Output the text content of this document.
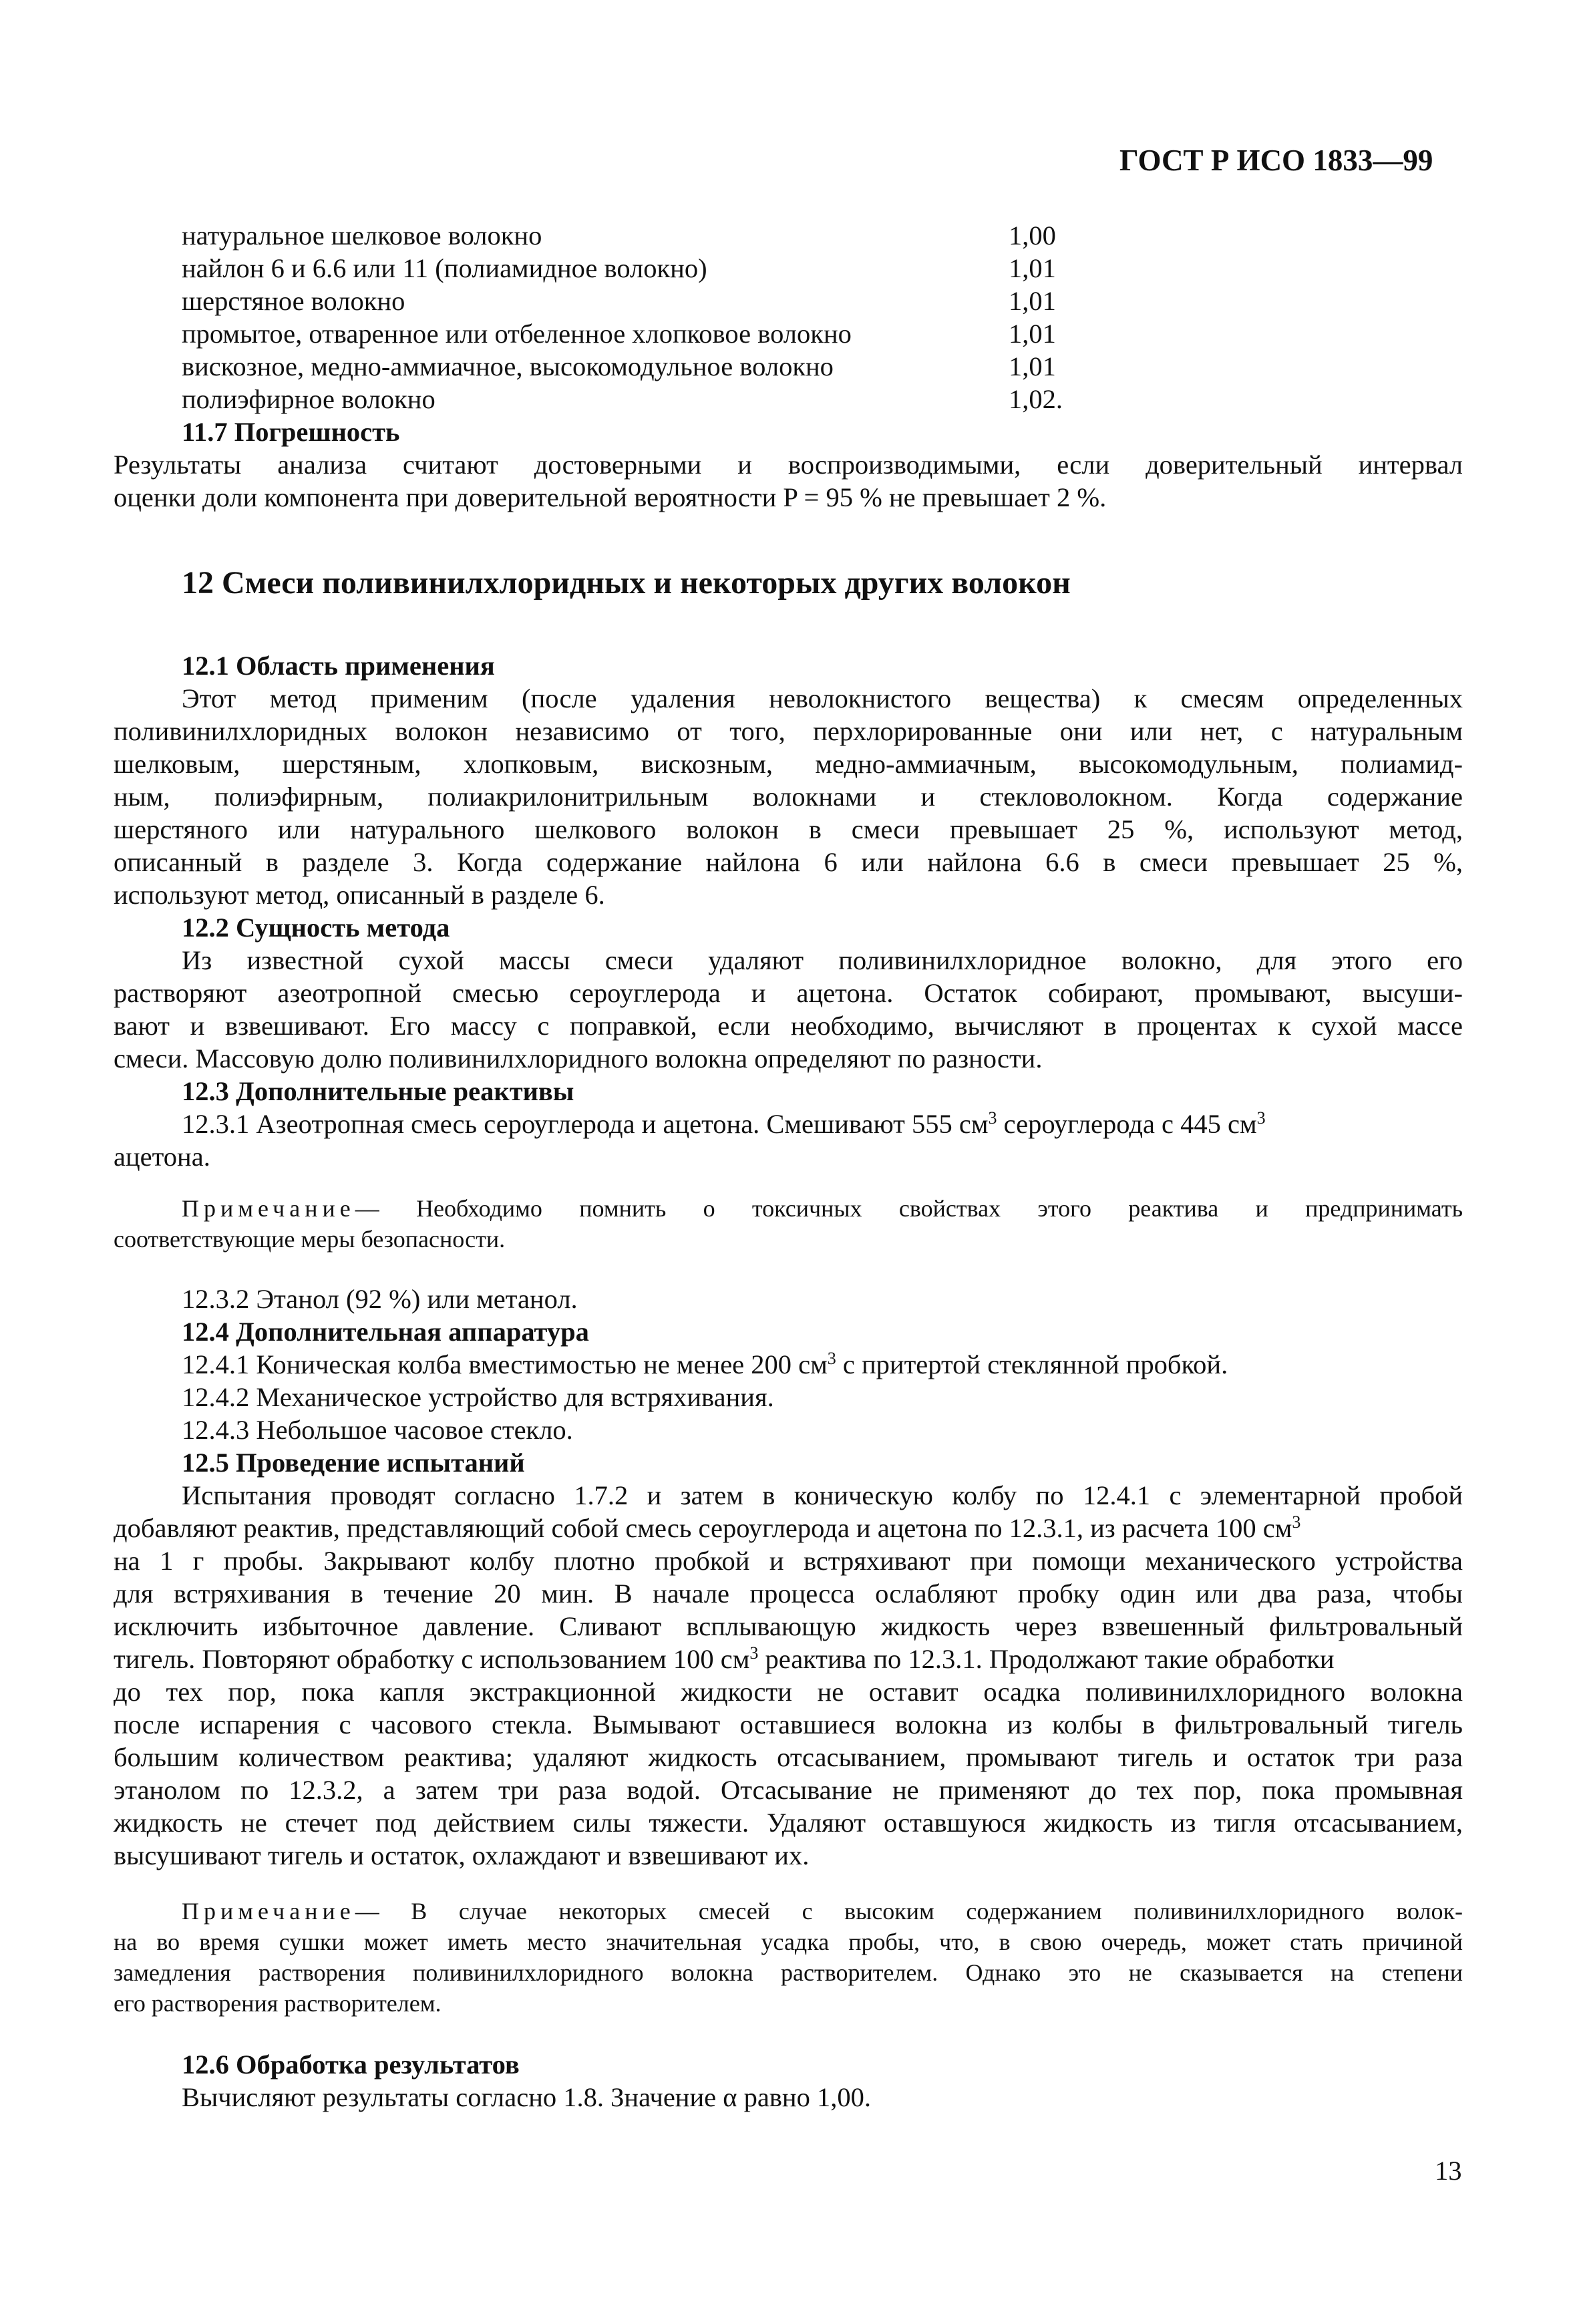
ГОСТ Р ИСО 1833—99
натуральное шелковое волокно	1,00
найлон 6 и 6.6 или 11 (полиамидное волокно)	1,01
шерстяное волокно	1,01
промытое, отваренное или отбеленное хлопковое волокно	1,01
вискозное, медно-аммиачное, высокомодульное волокно	1,01
полиэфирное волокно	1,02.
11.7 Погрешность
Результаты анализа считают достоверными и воспроизводимыми, если доверительный интервал
оценки доли компонента при доверительной вероятности P = 95 % не превышает 2 %.
12 Смеси поливинилхлоридных и некоторых других волокон
12.1 Область применения
Этот метод применим (после удаления неволокнистого вещества) к смесям определенных
поливинилхлоридных волокон независимо от того, перхлорированные они или нет, с натуральным
шелковым, шерстяным, хлопковым, вискозным, медно-аммиачным, высокомодульным, полиамид-
ным, полиэфирным, полиакрилонитрильным волокнами и стекловолокном. Когда содержание
шерстяного или натурального шелкового волокон в смеси превышает 25 %, используют метод,
описанный в разделе 3. Когда содержание найлона 6 или найлона 6.6 в смеси превышает 25 %,
используют метод, описанный в разделе 6.
12.2 Сущность метода
Из известной сухой массы смеси удаляют поливинилхлоридное волокно, для этого его
растворяют азеотропной смесью сероуглерода и ацетона. Остаток собирают, промывают, высуши-
вают и взвешивают. Его массу с поправкой, если необходимо, вычисляют в процентах к сухой массе
смеси. Массовую долю поливинилхлоридного волокна определяют по разности.
12.3 Дополнительные реактивы
12.3.1 Азеотропная смесь сероуглерода и ацетона. Смешивают 555 $см^3$ сероуглерода с 445 $см^3$
ацетона.
Примечание— Необходимо помнить о токсичных свойствах этого реактива и предпринимать
соответствующие меры безопасности.
12.3.2 Этанол (92 %) или метанол.
12.4 Дополнительная аппаратура
12.4.1 Коническая колба вместимостью не менее 200 $см^3$ с притертой стеклянной пробкой.
12.4.2 Механическое устройство для встряхивания.
12.4.3 Небольшое часовое стекло.
12.5 Проведение испытаний
Испытания проводят согласно 1.7.2 и затем в коническую колбу по 12.4.1 с элементарной пробой
добавляют реактив, представляющий собой смесь сероуглерода и ацетона по 12.3.1, из расчета 100 $см^3$
на 1 г пробы. Закрывают колбу плотно пробкой и встряхивают при помощи механического устройства
для встряхивания в течение 20 мин. В начале процесса ослабляют пробку один или два раза, чтобы
исключить избыточное давление. Сливают всплывающую жидкость через взвешенный фильтровальный
тигель. Повторяют обработку с использованием 100 $см^3$ реактива по 12.3.1. Продолжают такие обработки
до тех пор, пока капля экстракционной жидкости не оставит осадка поливинилхлоридного волокна
после испарения с часового стекла. Вымывают оставшиеся волокна из колбы в фильтровальный тигель
большим количеством реактива; удаляют жидкость отсасыванием, промывают тигель и остаток три раза
этанолом по 12.3.2, а затем три раза водой. Отсасывание не применяют до тех пор, пока промывная
жидкость не стечет под действием силы тяжести. Удаляют оставшуюся жидкость из тигля отсасыванием,
высушивают тигель и остаток, охлаждают и взвешивают их.
Примечание— В случае некоторых смесей с высоким содержанием поливинилхлоридного волок-
на во время сушки может иметь место значительная усадка пробы, что, в свою очередь, может стать причиной
замедления растворения поливинилхлоридного волокна растворителем. Однако это не сказывается на степени
его растворения растворителем.
12.6 Обработка результатов
Вычисляют результаты согласно 1.8. Значение α равно 1,00.
13
